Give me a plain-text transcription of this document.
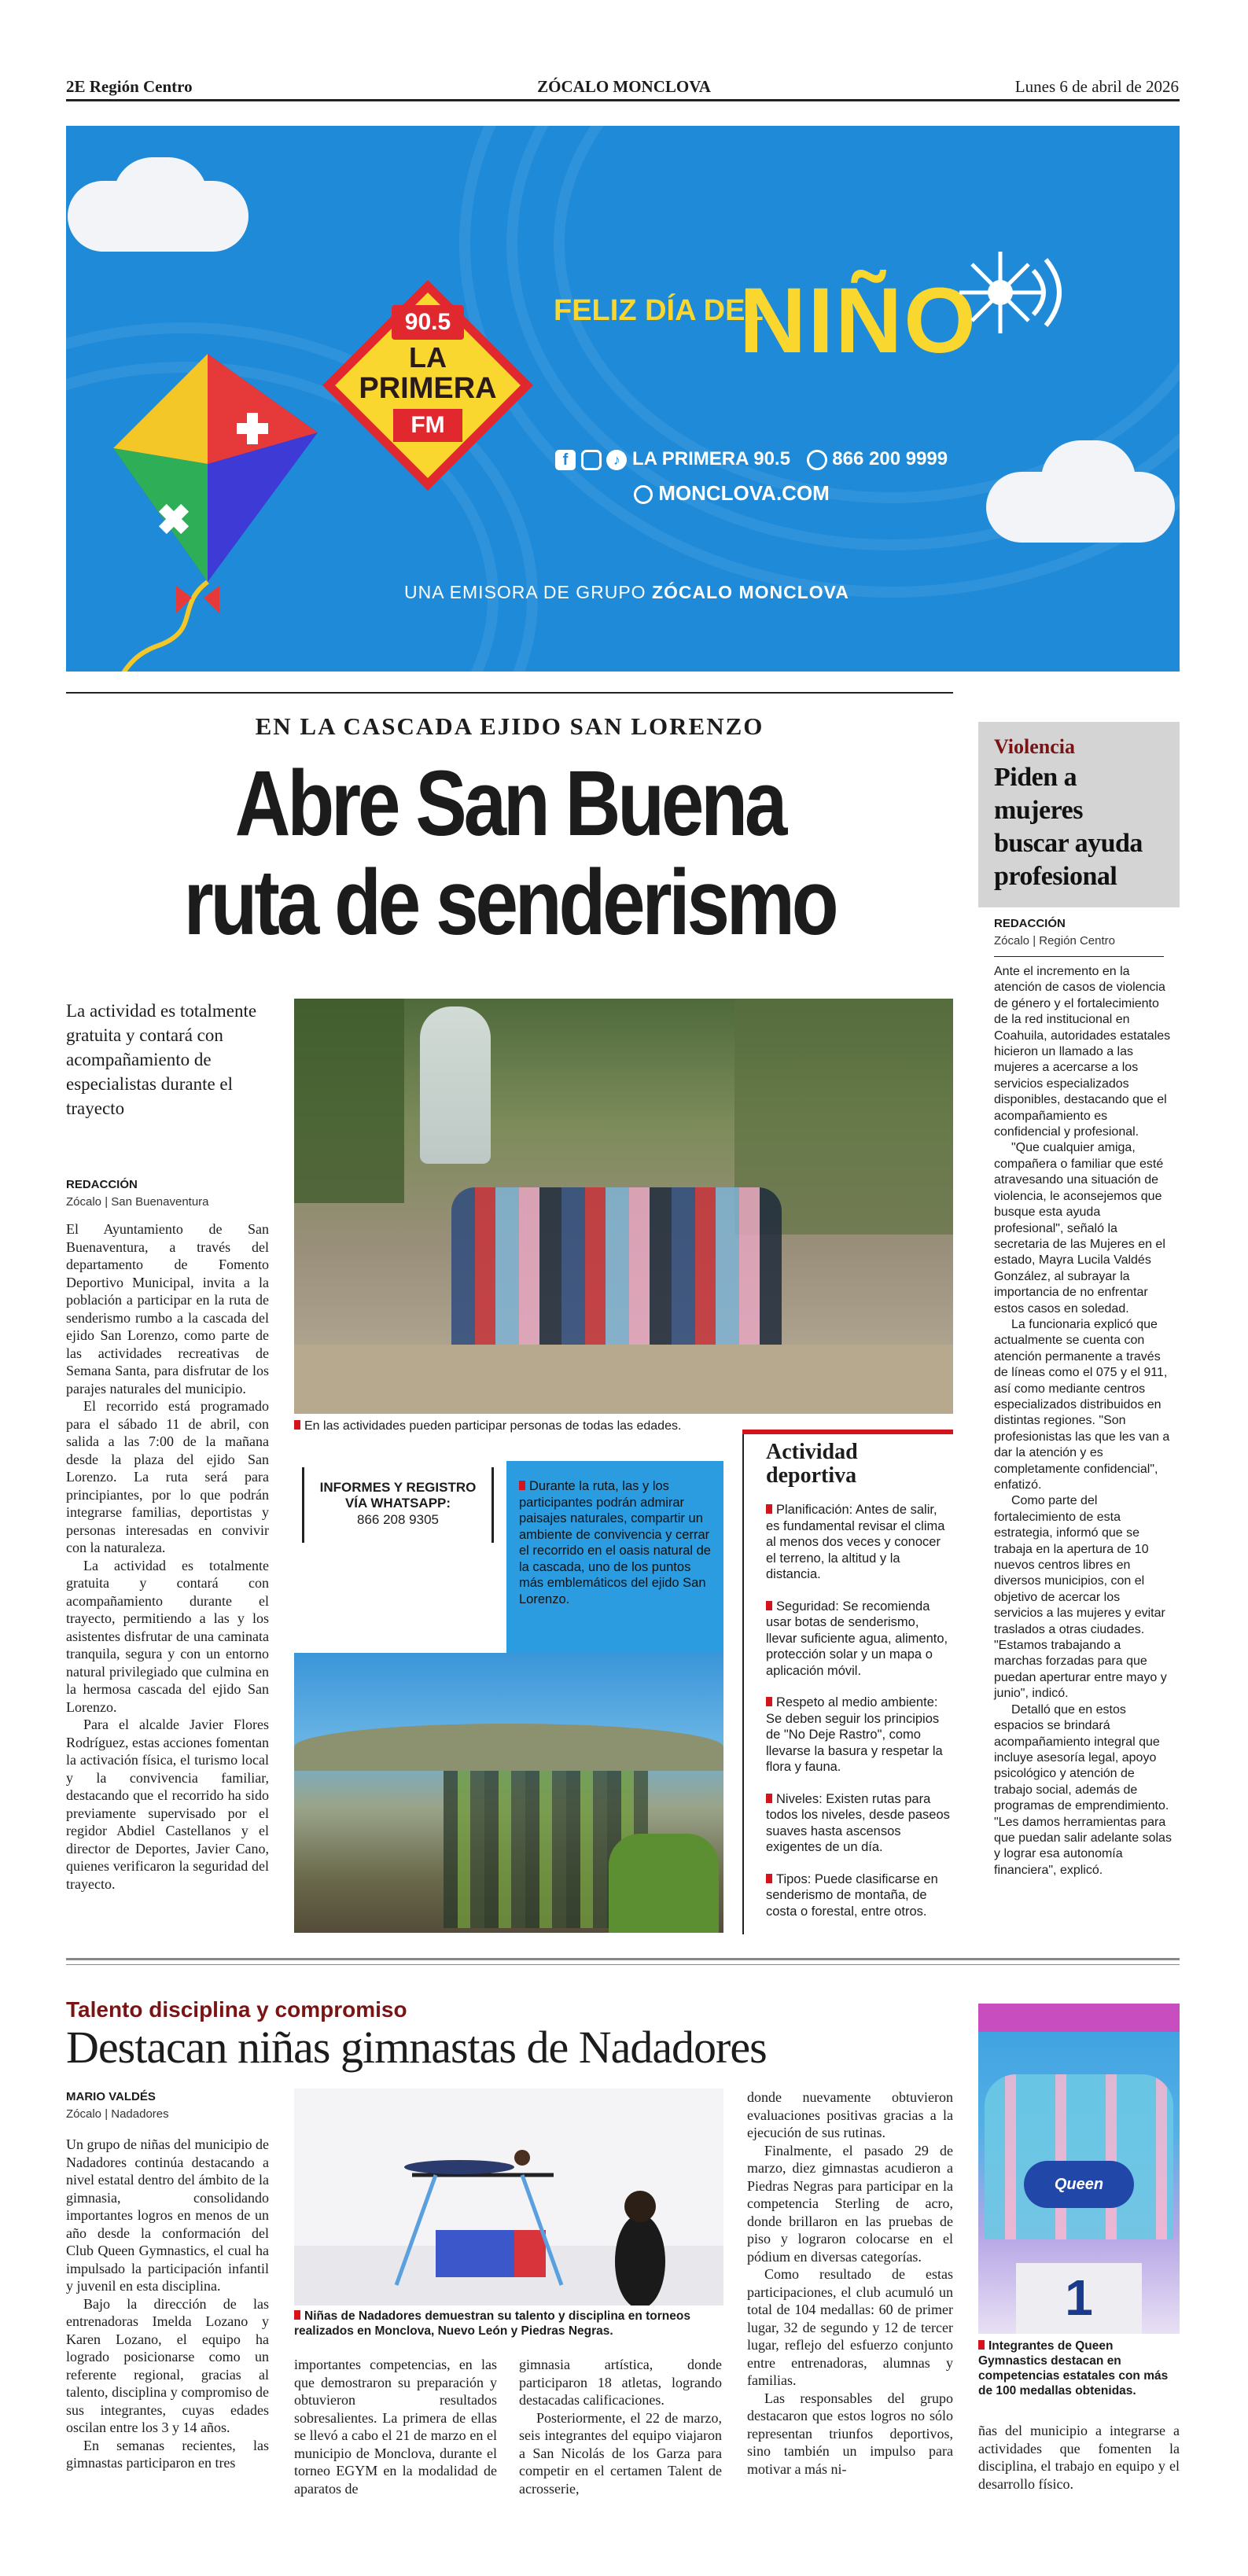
2E Región Centro	ZÓCALO MONCLOVA	Lunes 6 de abril de 2026
90.5
LA
PRIMERA
FM
FELIZ DÍA DEL
NIÑO
f	♪ LA PRIMERA 90.5 866 200 9999
MONCLOVA.COM
UNA EMISORA DE GRUPO ZÓCALO MONCLOVA
EN LA CASCADA EJIDO SAN LORENZO
Abre San Buena
ruta de senderismo
La actividad es totalmente gratuita y contará con acompañamiento de especialistas durante el trayecto
REDACCIÓN
Zócalo | San Buenaventura

El Ayuntamiento de San Buenaventura, a través del departamento de Fomento Deportivo Municipal, invita a la población a participar en la ruta de senderismo rumbo a la cascada del ejido San Lorenzo, como parte de las actividades recreativas de Semana Santa, para disfrutar de los parajes naturales del municipio.

El recorrido está programado para el sábado 11 de abril, con salida a las 7:00 de la mañana desde la plaza del ejido San Lorenzo. La ruta será para principiantes, por lo que podrán integrarse familias, deportistas y personas interesadas en convivir con la naturaleza.

La actividad es totalmente gratuita y contará con acompañamiento durante el trayecto, permitiendo a las y los asistentes disfrutar de una caminata tranquila, segura y con un entorno natural privilegiado que culmina en la hermosa cascada del ejido San Lorenzo.

Para el alcalde Javier Flores Rodríguez, estas acciones fomentan la activación física, el turismo local y la convivencia familiar, destacando que el recorrido ha sido previamente supervisado por el regidor Abdiel Castellanos y el director de Deportes, Javier Cano, quienes verificaron la seguridad del trayecto.

En las actividades pueden participar personas de todas las edades.
INFORMES Y REGISTRO
VÍA WHATSAPP:
866 208 9305
Durante la ruta, las y los participantes podrán admirar paisajes naturales, compartir un ambiente de convivencia y cerrar el recorrido en el oasis natural de la cascada, uno de los puntos más emblemáticos del ejido San Lorenzo.
Actividad
deportiva
Planificación: Antes de salir, es fundamental revisar el clima al menos dos veces y conocer el terreno, la altitud y la distancia.
Seguridad: Se recomienda usar botas de senderismo, llevar suficiente agua, alimento, protección solar y un mapa o aplicación móvil.
Respeto al medio ambiente: Se deben seguir los principios de "No Deje Rastro", como llevarse la basura y respetar la flora y fauna.
Niveles: Existen rutas para todos los niveles, desde paseos suaves hasta ascensos exigentes de un día.
Tipos: Puede clasificarse en senderismo de montaña, de costa o forestal, entre otros.
Violencia
Piden a
mujeres
buscar ayuda
profesional
REDACCIÓN
Zócalo | Región Centro

Ante el incremento en la atención de casos de violencia de género y el fortalecimiento de la red institucional en Coahuila, autoridades estatales hicieron un llamado a las mujeres a acercarse a los servicios especializados disponibles, destacando que el acompañamiento es confidencial y profesional.

"Que cualquier amiga, compañera o familiar que esté atravesando una situación de violencia, le aconsejemos que busque esta ayuda profesional", señaló la secretaria de las Mujeres en el estado, Mayra Lucila Valdés González, al subrayar la importancia de no enfrentar estos casos en soledad.

La funcionaria explicó que actualmente se cuenta con atención permanente a través de líneas como el 075 y el 911, así como mediante centros especializados distribuidos en distintas regiones. "Son profesionistas las que les van a dar la atención y es completamente confidencial", enfatizó.

Como parte del fortalecimiento de esta estrategia, informó que se trabaja en la apertura de 10 nuevos centros libres en diversos municipios, con el objetivo de acercar los servicios a las mujeres y evitar traslados a otras ciudades. "Estamos trabajando a marchas forzadas para que puedan aperturar entre mayo y junio", indicó.

Detalló que en estos espacios se brindará acompañamiento integral que incluye asesoría legal, apoyo psicológico y atención de trabajo social, además de programas de emprendimiento. "Les damos herramientas para que puedan salir adelante solas y lograr esa autonomía financiera", explicó.

Talento disciplina y compromiso
Destacan niñas gimnastas de Nadadores
MARIO VALDÉS
Zócalo | Nadadores

Un grupo de niñas del municipio de Nadadores continúa destacando a nivel estatal dentro del ámbito de la gimnasia, consolidando importantes logros en menos de un año desde la conformación del Club Queen Gymnastics, el cual ha impulsado la participación infantil y juvenil en esta disciplina.

Bajo la dirección de las entrenadoras Imelda Lozano y Karen Lozano, el equipo ha logrado posicionarse como un referente regional, gracias al talento, disciplina y compromiso de sus integrantes, cuyas edades oscilan entre los 3 y 14 años.

En semanas recientes, las gimnastas participaron en tres

Niñas de Nadadores demuestran su talento y disciplina en torneos realizados en Monclova, Nuevo León y Piedras Negras.

importantes competencias, en las que demostraron su preparación y obtuvieron resultados sobresalientes. La primera de ellas se llevó a cabo el 21 de marzo en el municipio de Monclova, durante el torneo EGYM en la modalidad de aparatos de

gimnasia artística, donde participaron 18 atletas, logrando destacadas calificaciones.

Posteriormente, el 22 de marzo, seis integrantes del equipo viajaron a San Nicolás de los Garza para competir en el certamen Talent de acrosserie,

donde nuevamente obtuvieron evaluaciones positivas gracias a la ejecución de sus rutinas.

Finalmente, el pasado 29 de marzo, diez gimnastas acudieron a Piedras Negras para participar en la competencia Sterling de acro, donde brillaron en las pruebas de piso y lograron colocarse en el pódium en diversas categorías.

Como resultado de estas participaciones, el club acumuló un total de 104 medallas: 60 de primer lugar, 32 de segundo y 12 de tercer lugar, reflejo del esfuerzo conjunto entre entrenadoras, alumnas y familias.

Las responsables del grupo destacaron que estos logros no sólo representan triunfos deportivos, sino también un impulso para motivar a más ni-

Queen
1
Integrantes de Queen Gymnastics destacan en competencias estatales con más de 100 medallas obtenidas.

ñas del municipio a integrarse a actividades que fomenten la disciplina, el trabajo en equipo y el desarrollo físico.
